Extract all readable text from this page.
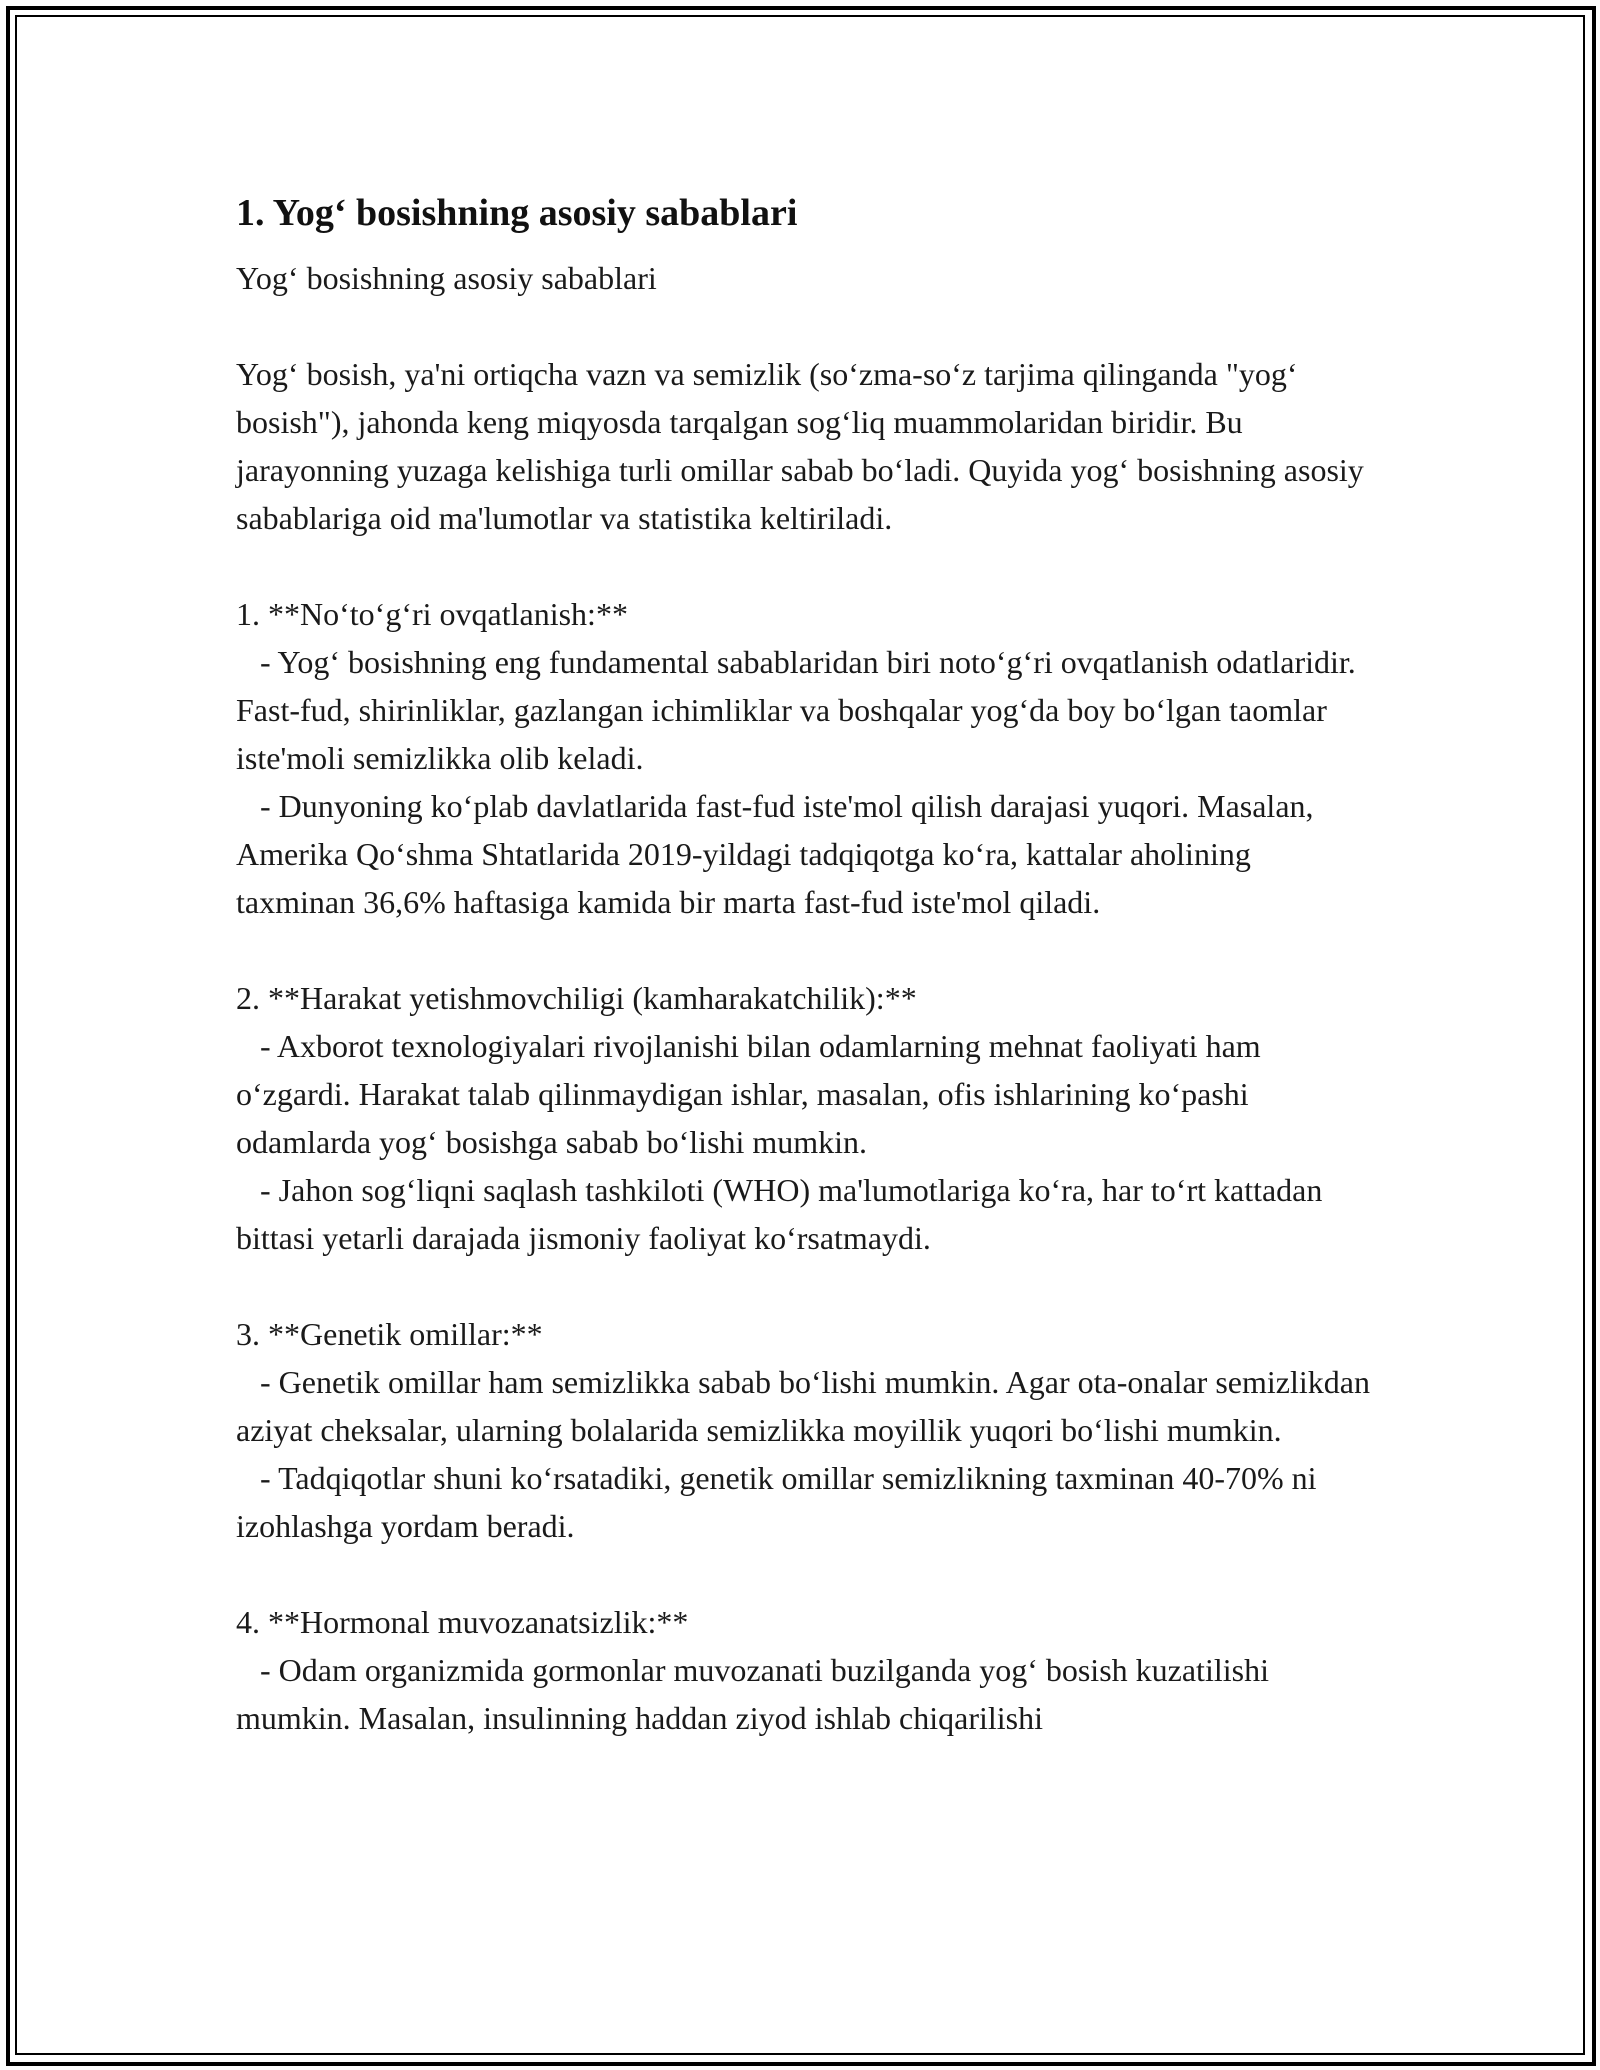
1. Yog‘ bosishning asosiy sabablari

Yog‘ bosishning asosiy sabablari

Yog‘ bosish, ya'ni ortiqcha vazn va semizlik (so‘zma-so‘z tarjima qilinganda "yog‘ bosish"), jahonda keng miqyosda tarqalgan sog‘liq muammolaridan biridir. Bu jarayonning yuzaga kelishiga turli omillar sabab bo‘ladi. Quyida yog‘ bosishning asosiy sabablariga oid ma'lumotlar va statistika keltiriladi.

1. **No‘to‘g‘ri ovqatlanish:**

- Yog‘ bosishning eng fundamental sabablaridan biri noto‘g‘ri ovqatlanish odatlaridir. Fast-fud, shirinliklar, gazlangan ichimliklar va boshqalar yog‘da boy bo‘lgan taomlar iste'moli semizlikka olib keladi.

- Dunyoning ko‘plab davlatlarida fast-fud iste'mol qilish darajasi yuqori. Masalan, Amerika Qo‘shma Shtatlarida 2019-yildagi tadqiqotga ko‘ra, kattalar aholining taxminan 36,6% haftasiga kamida bir marta fast-fud iste'mol qiladi.

2. **Harakat yetishmovchiligi (kamharakatchilik):**

- Axborot texnologiyalari rivojlanishi bilan odamlarning mehnat faoliyati ham o‘zgardi. Harakat talab qilinmaydigan ishlar, masalan, ofis ishlarining ko‘pashi odamlarda yog‘ bosishga sabab bo‘lishi mumkin.

- Jahon sog‘liqni saqlash tashkiloti (WHO) ma'lumotlariga ko‘ra, har to‘rt kattadan bittasi yetarli darajada jismoniy faoliyat ko‘rsatmaydi.

3. **Genetik omillar:**

- Genetik omillar ham semizlikka sabab bo‘lishi mumkin. Agar ota-onalar semizlikdan aziyat cheksalar, ularning bolalarida semizlikka moyillik yuqori bo‘lishi mumkin.

- Tadqiqotlar shuni ko‘rsatadiki, genetik omillar semizlikning taxminan 40-70% ni izohlashga yordam beradi.

4. **Hormonal muvozanatsizlik:**

- Odam organizmida gormonlar muvozanati buzilganda yog‘ bosish kuzatilishi mumkin. Masalan, insulinning haddan ziyod ishlab chiqarilishi
